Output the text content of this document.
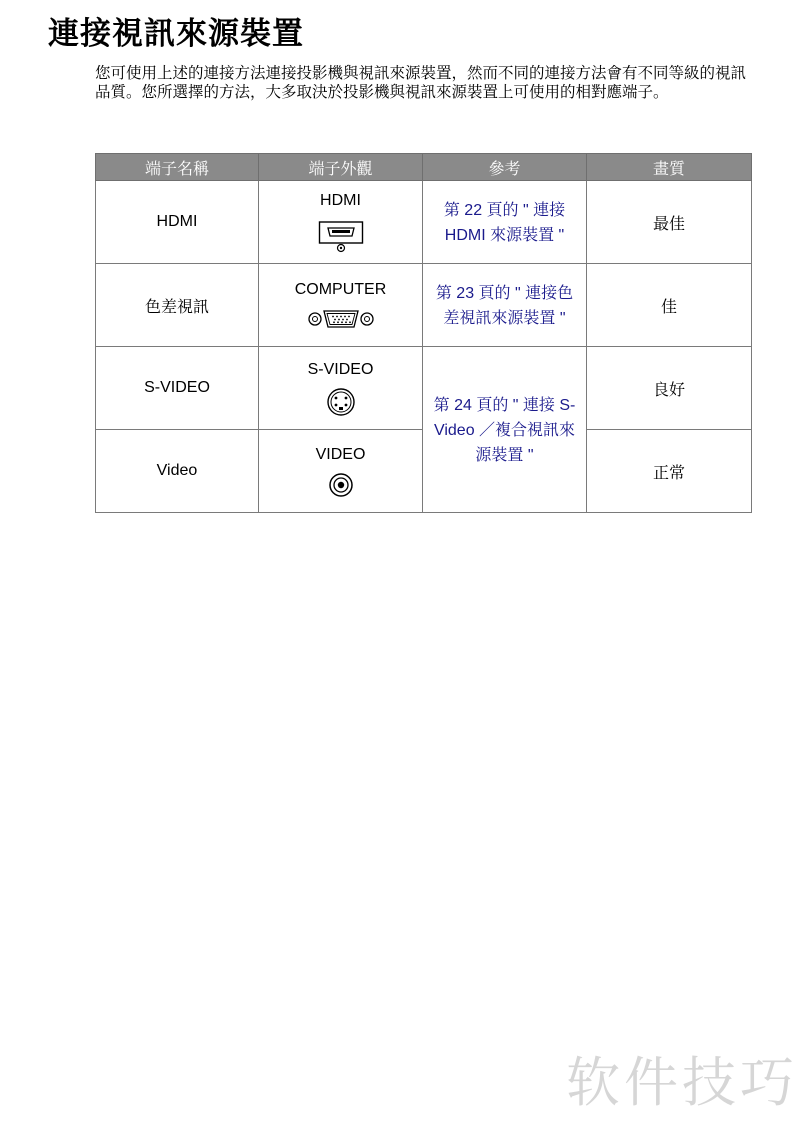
連接視訊來源裝置

您可使用上述的連接方法連接投影機與視訊來源裝置，然而不同的連接方法會有不同等級的視訊品質。您所選擇的方法，大多取決於投影機與視訊來源裝置上可使用的相對應端子。

端子名稱	端子外觀	參考	畫質
HDMI	HDMI	第 22 頁的 " 連接 HDMI 來源裝置 "	最佳
色差視訊	COMPUTER	第 23 頁的 " 連接色差視訊來源裝置 "	佳
S-VIDEO	S-VIDEO	第 24 頁的 " 連接 S-Video ／複合視訊來源裝置 "	良好
Video	VIDEO		正常
软件技巧
